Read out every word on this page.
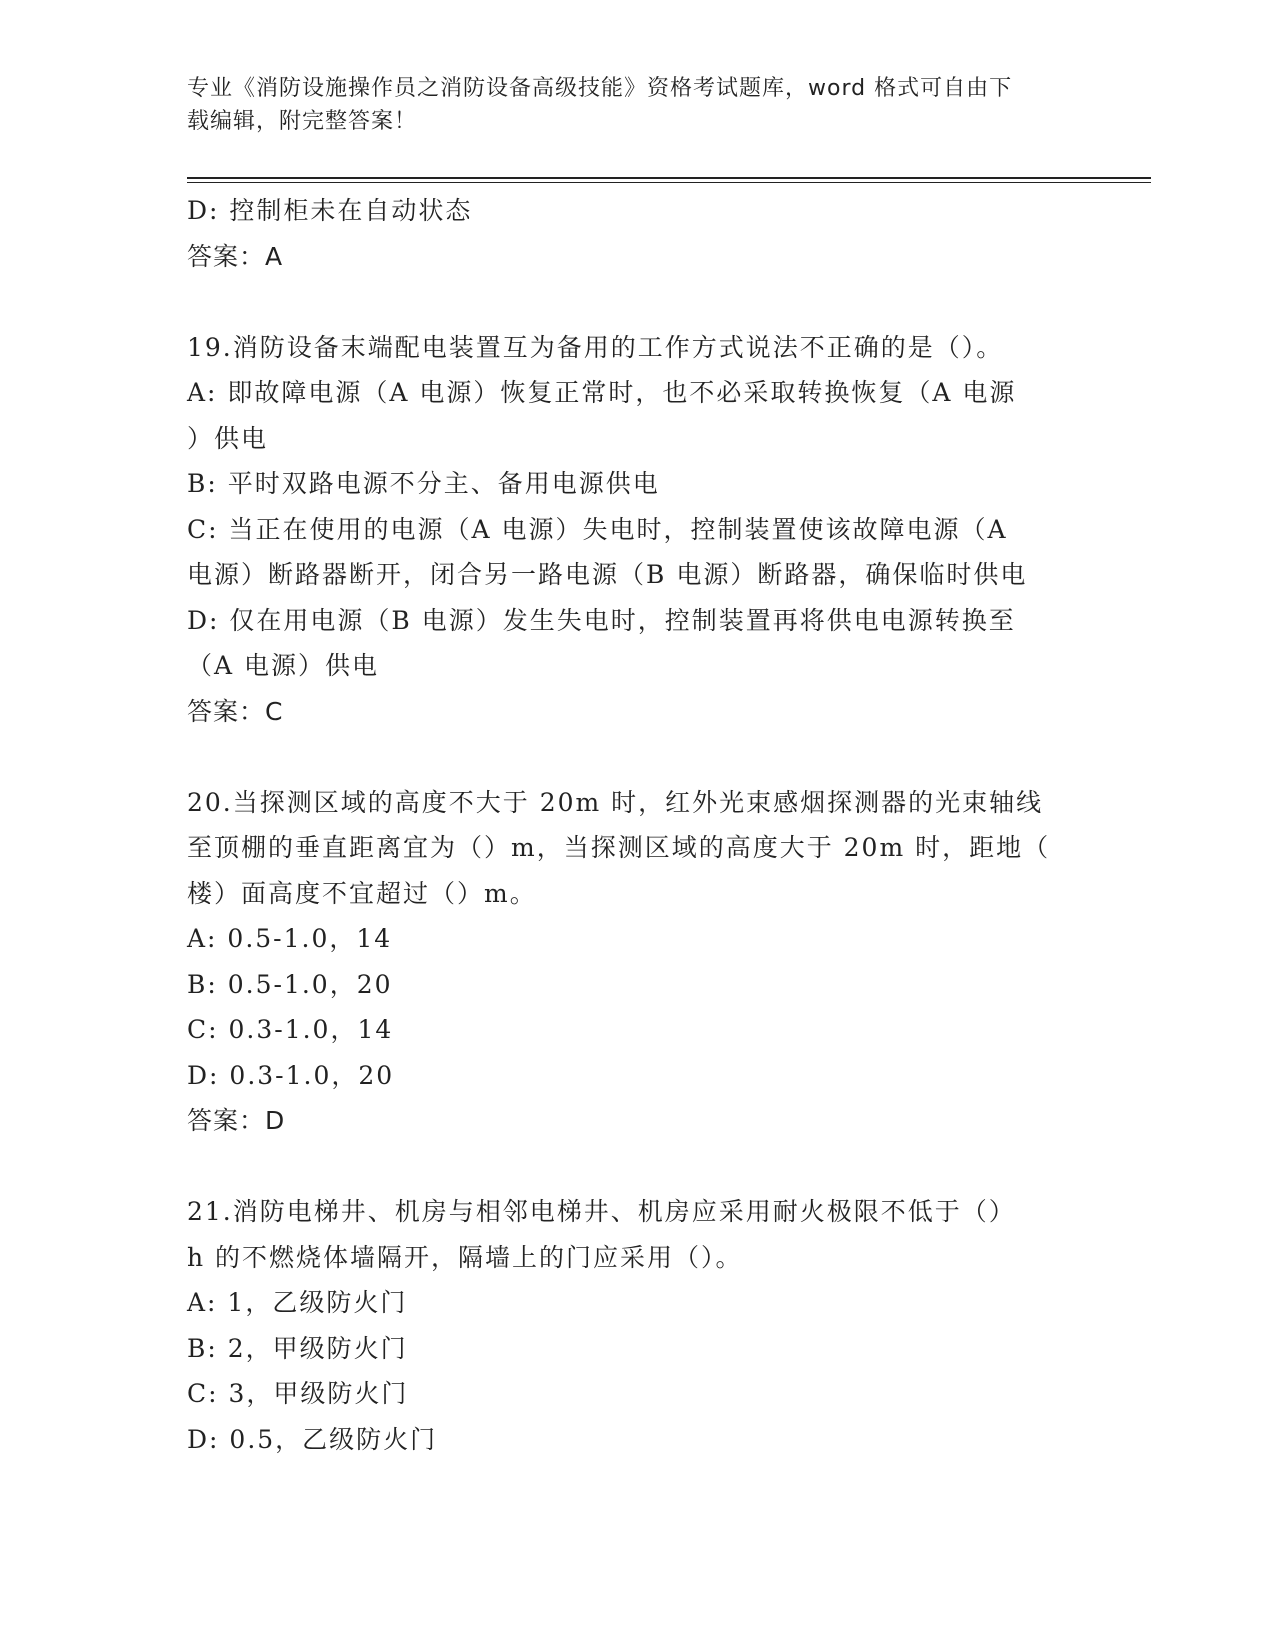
专业《消防设施操作员之消防设备高级技能》资格考试题库，word 格式可自由下
载编辑，附完整答案！
D: 控制柜未在自动状态
答案：A
19.消防设备末端配电装置互为备用的工作方式说法不正确的是（）。
A: 即故障电源（A 电源）恢复正常时，也不必采取转换恢复（A 电源
）供电
B: 平时双路电源不分主、备用电源供电
C: 当正在使用的电源（A 电源）失电时，控制装置使该故障电源（A
电源）断路器断开，闭合另一路电源（B 电源）断路器，确保临时供电
D: 仅在用电源（B 电源）发生失电时，控制装置再将供电电源转换至
（A 电源）供电
答案：C
20.当探测区域的高度不大于 20m 时，红外光束感烟探测器的光束轴线
至顶棚的垂直距离宜为（）m，当探测区域的高度大于 20m 时，距地（
楼）面高度不宜超过（）m。
A: 0.5-1.0，14
B: 0.5-1.0，20
C: 0.3-1.0，14
D: 0.3-1.0，20
答案：D
21.消防电梯井、机房与相邻电梯井、机房应采用耐火极限不低于（）
h 的不燃烧体墙隔开，隔墙上的门应采用（）。
A: 1，乙级防火门
B: 2，甲级防火门
C: 3，甲级防火门
D: 0.5，乙级防火门
